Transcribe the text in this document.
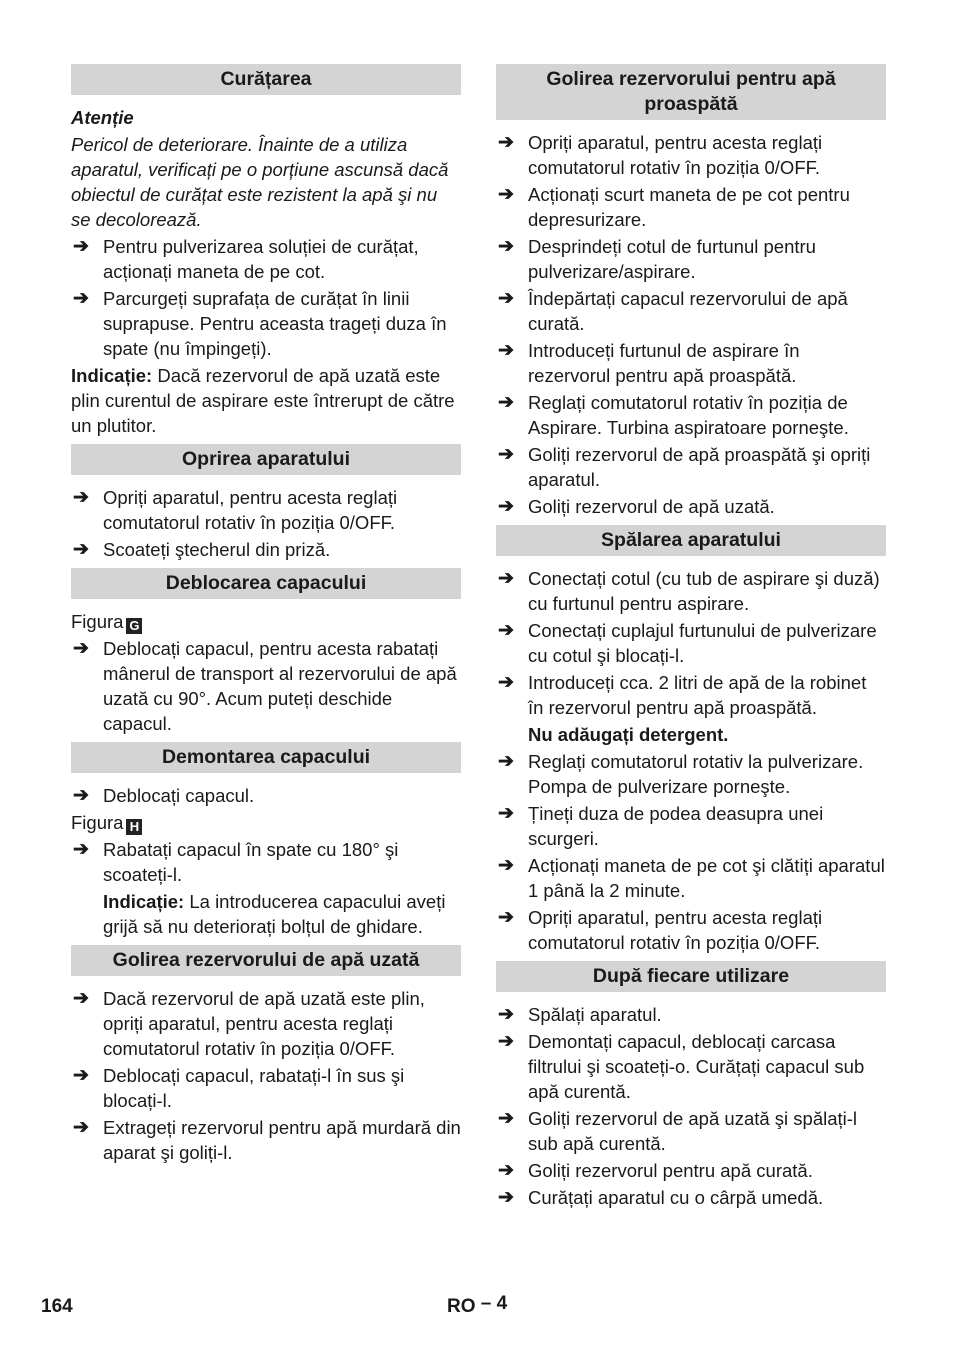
Curățarea
Atenție
Pericol de deteriorare. Înainte de a utiliza aparatul, verificați pe o porțiune ascunsă dacă obiectul de curățat este rezistent la apă şi nu se decolorează.
➔ Pentru pulverizarea soluției de curățat, acționați maneta de pe cot.
➔ Parcurgeți suprafața de curățat în linii suprapuse. Pentru aceasta trageți duza în spate (nu împingeți).
Indicație: Dacă rezervorul de apă uzată este plin curentul de aspirare este întrerupt de către un plutitor.
Oprirea aparatului
➔ Opriți aparatul, pentru acesta reglați comutatorul rotativ în poziția 0/OFF.
➔ Scoateți ştecherul din priză.
Deblocarea capacului
Figura G
➔ Deblocați capacul, pentru acesta rabatați mânerul de transport al rezervorului de apă uzată cu 90°. Acum puteți deschide capacul.
Demontarea capacului
➔ Deblocați capacul.
Figura H
➔ Rabatați capacul în spate cu 180° şi scoateți-l.
Indicație: La introducerea capacului aveți grijă să nu deteriorați bolțul de ghidare.
Golirea rezervorului de apă uzată
➔ Dacă rezervorul de apă uzată este plin, opriți aparatul, pentru acesta reglați comutatorul rotativ în poziția 0/OFF.
➔ Deblocați capacul, rabatați-l în sus şi blocați-l.
➔ Extrageți rezervorul pentru apă murdară din aparat şi goliți-l.
Golirea rezervorului pentru apă proaspătă
➔ Opriți aparatul, pentru acesta reglați comutatorul rotativ în poziția 0/OFF.
➔ Acționați scurt maneta de pe cot pentru depresurizare.
➔ Desprindeți cotul de furtunul pentru pulverizare/aspirare.
➔ Îndepărtați capacul rezervorului de apă curată.
➔ Introduceți furtunul de aspirare în rezervorul pentru apă proaspătă.
➔ Reglați comutatorul rotativ în poziția de Aspirare. Turbina aspiratoare porneşte.
➔ Goliți rezervorul de apă proaspătă şi opriți aparatul.
➔ Goliți rezervorul de apă uzată.
Spălarea aparatului
➔ Conectați cotul (cu tub de aspirare şi duză) cu furtunul pentru aspirare.
➔ Conectați cuplajul furtunului de pulverizare cu cotul şi blocați-l.
➔ Introduceți cca. 2 litri de apă de la robinet în rezervorul pentru apă proaspătă.
Nu adăugați detergent.
➔ Reglați comutatorul rotativ la pulverizare. Pompa de pulverizare porneşte.
➔ Țineți duza de podea deasupra unei scurgeri.
➔ Acționați maneta de pe cot şi clătiți aparatul 1 până la 2 minute.
➔ Opriți aparatul, pentru acesta reglați comutatorul rotativ în poziția 0/OFF.
După fiecare utilizare
➔ Spălați aparatul.
➔ Demontați capacul, deblocați carcasa filtrului şi scoateți-o. Curățați capacul sub apă curentă.
➔ Goliți rezervorul de apă uzată şi spălați-l sub apă curentă.
➔ Goliți rezervorul pentru apă curată.
➔ Curățați aparatul cu o cârpă umedă.
164	RO – 4
